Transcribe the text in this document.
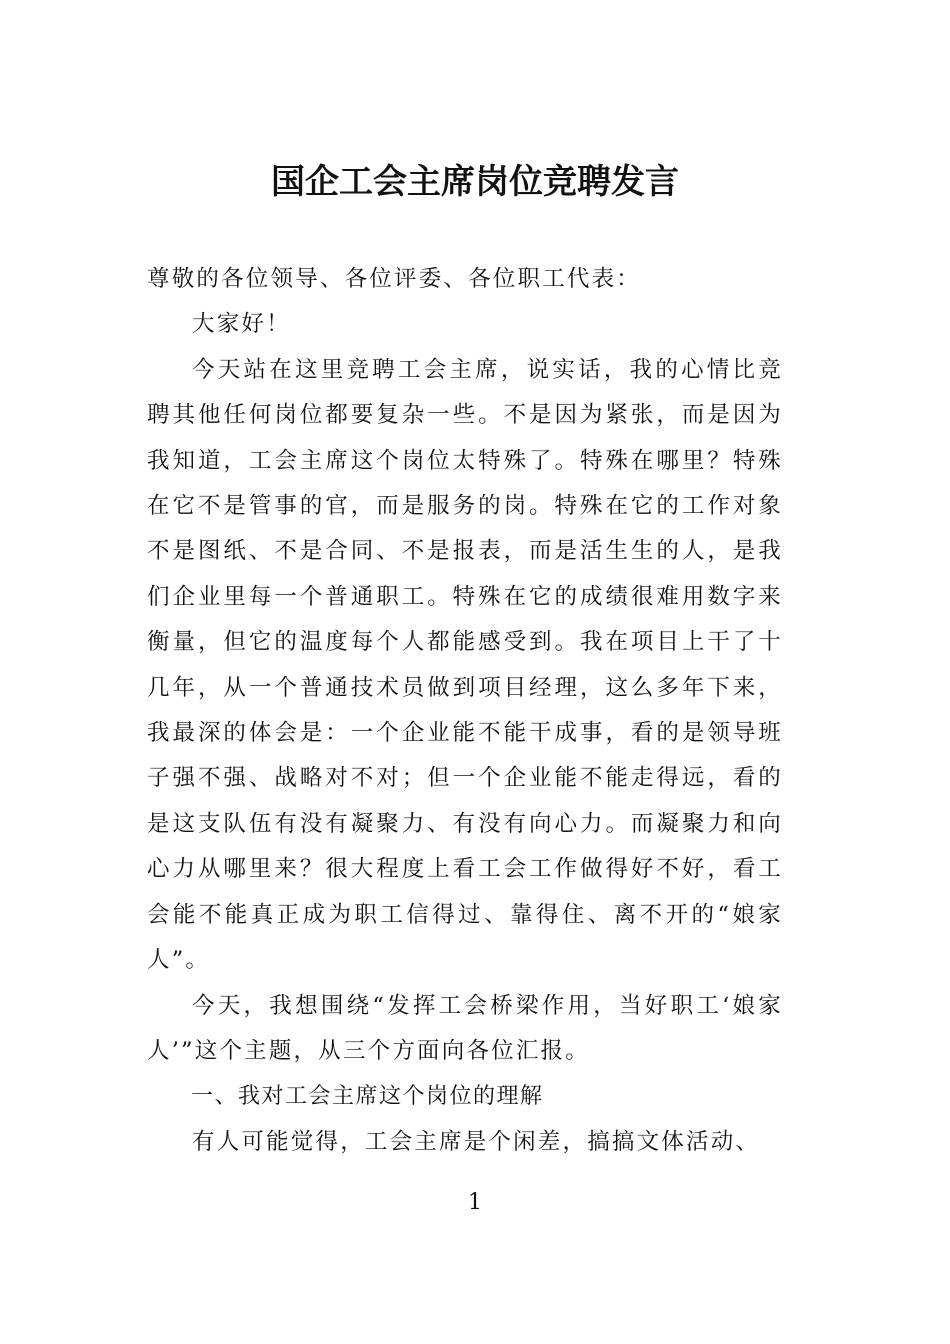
国企工会主席岗位竞聘发言

尊敬的各位领导、各位评委、各位职工代表：

大家好！

今天站在这里竞聘工会主席，说实话，我的心情比竞聘其他任何岗位都要复杂一些。不是因为紧张，而是因为我知道，工会主席这个岗位太特殊了。特殊在哪里？特殊在它不是管事的官，而是服务的岗。特殊在它的工作对象不是图纸、不是合同、不是报表，而是活生生的人，是我们企业里每一个普通职工。特殊在它的成绩很难用数字来衡量，但它的温度每个人都能感受到。我在项目上干了十几年，从一个普通技术员做到项目经理，这么多年下来，我最深的体会是：一个企业能不能干成事，看的是领导班子强不强、战略对不对；但一个企业能不能走得远，看的是这支队伍有没有凝聚力、有没有向心力。而凝聚力和向心力从哪里来？很大程度上看工会工作做得好不好，看工会能不能真正成为职工信得过、靠得住、离不开的“娘家人”。

今天，我想围绕“发挥工会桥梁作用，当好职工‘娘家人’”这个主题，从三个方面向各位汇报。

一、我对工会主席这个岗位的理解

有人可能觉得，工会主席是个闲差，搞搞文体活动、

1
